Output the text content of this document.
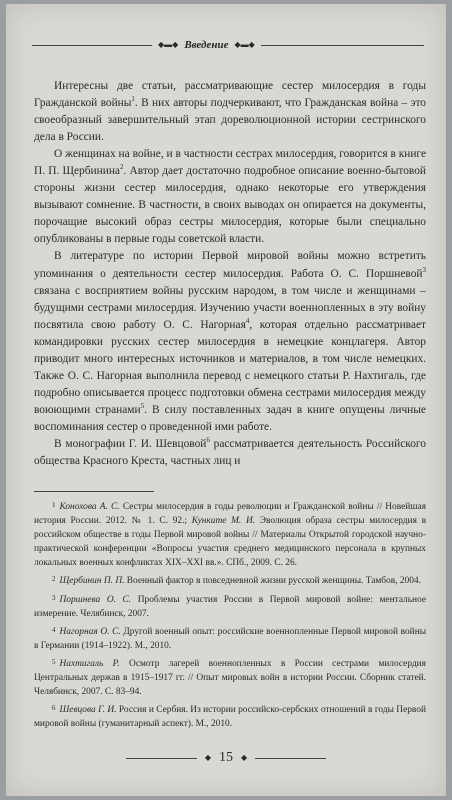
◆▬◆ Введение ◆▬◆

Интересны две статьи, рассматривающие сестер милосердия в годы Гражданской войны$^1$. В них авторы подчеркивают, что Гражданская война – это своеобразный завершительный этап дореволюционной истории сестринского дела в России.

О женщинах на войне, и в частности сестрах милосердия, говорится в книге П. П. Щербинина$^2$. Автор дает достаточно подробное описание военно-бытовой стороны жизни сестер милосердия, однако некоторые его утверждения вызывают сомнение. В частности, в своих выводах он опирается на документы, порочащие высокий образ сестры милосердия, которые были специально опубликованы в первые годы советской власти.

В литературе по истории Первой мировой войны можно встретить упоминания о деятельности сестер милосердия. Работа О. С. Поршневой$^3$ связана с восприятием войны русским народом, в том числе и женщинами – будущими сестрами милосердия. Изучению участи военнопленных в эту войну посвятила свою работу О. С. Нагорная$^4$, которая отдельно рассматривает командировки русских сестер милосердия в немецкие концлагеря. Автор приводит много интересных источников и материалов, в том числе немецких. Также О. С. Нагорная выполнила перевод с немецкого статьи Р. Нахтигаль, где подробно описывается процесс подготовки обмена сестрами милосердия между воюющими странами$^5$. В силу поставленных задач в книге опущены личные воспоминания сестер о проведенной ими работе.

В монографии Г. И. Шевцовой$^6$ рассматривается деятельность Российского общества Красного Креста, частных лиц и

$^1$ Конохова А. С. Сестры милосердия в годы революции и Гражданской войны // Новейшая история России. 2012. № 1. С. 92.; Кунките М. И. Эволюция образа сестры милосердия в российском обществе в годы Первой мировой войны // Материалы Открытой городской научно-практической конференции «Вопросы участия среднего медицинского персонала в крупных локальных военных конфликтах XIX–XXI вв.». СПб., 2009. С. 26.

$^2$ Щербинин П. П. Военный фактор в повседневной жизни русской женщины. Тамбов, 2004.

$^3$ Поршнева О. С. Проблемы участия России в Первой мировой войне: ментальное измерение. Челябинск, 2007.

$^4$ Нагорная О. С. Другой военный опыт: российские военнопленные Первой мировой войны в Германии (1914–1922). М., 2010.

$^5$ Нахтигаль Р. Осмотр лагерей военнопленных в России сестрами милосердия Центральных держав в 1915–1917 гг. // Опыт мировых войн в истории России. Сборник статей. Челябинск, 2007. С. 83–94.

$^6$ Шевцова Г. И. Россия и Сербия. Из истории российско-сербских отношений в годы Первой мировой войны (гуманитарный аспект). М., 2010.

◆ 15 ◆
